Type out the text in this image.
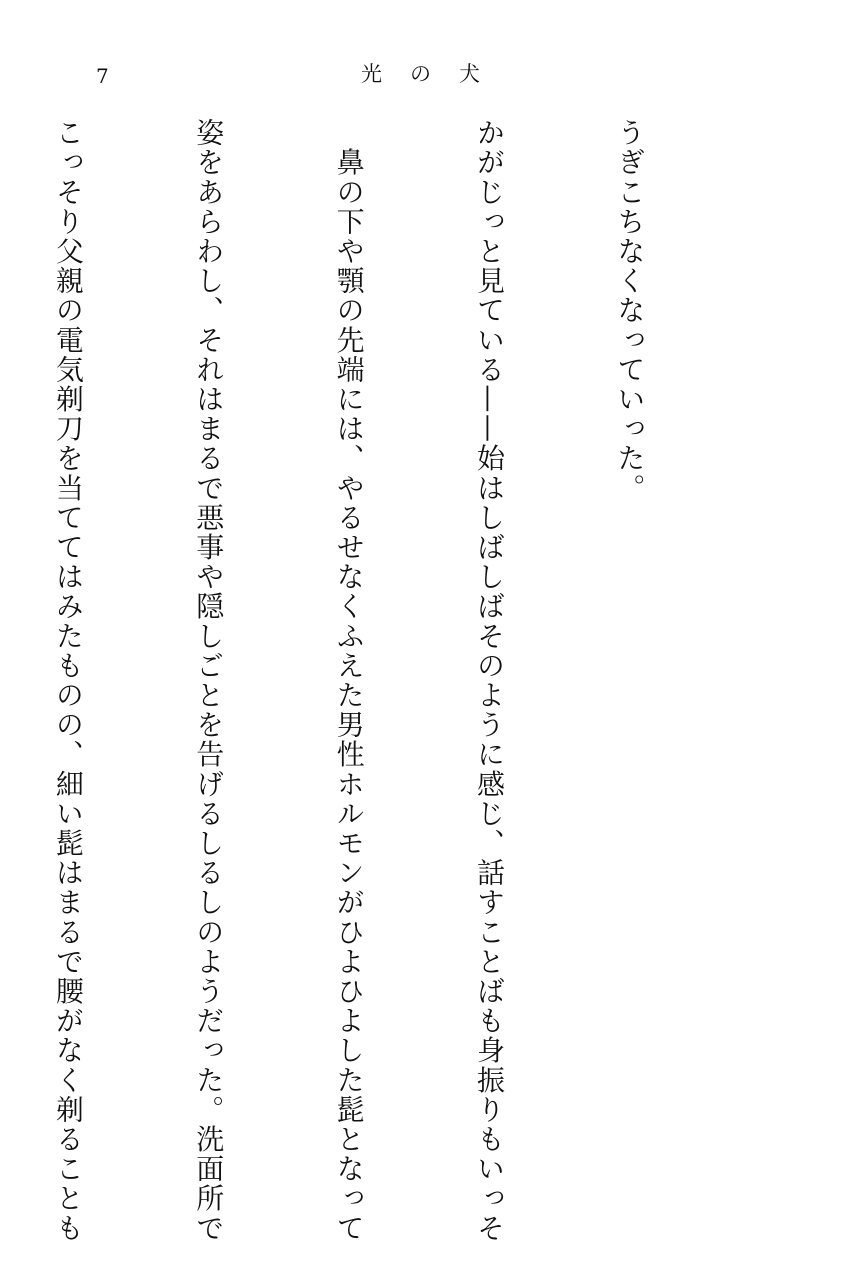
7	光の犬

うぎこちなくなっていった。

かがじっと見ている——始はしばしばそのように感じ、話すことばも身振りもいっそ

　鼻の下や顎の先端には、やるせなくふえた男性ホルモンがひよひよした髭となって

姿をあらわし、それはまるで悪事や隠しごとを告げるしるしのようだった。洗面所で

こっそり父親の電気剃刀を当ててはみたものの、細い髭はまるで腰がなく剃ることも
